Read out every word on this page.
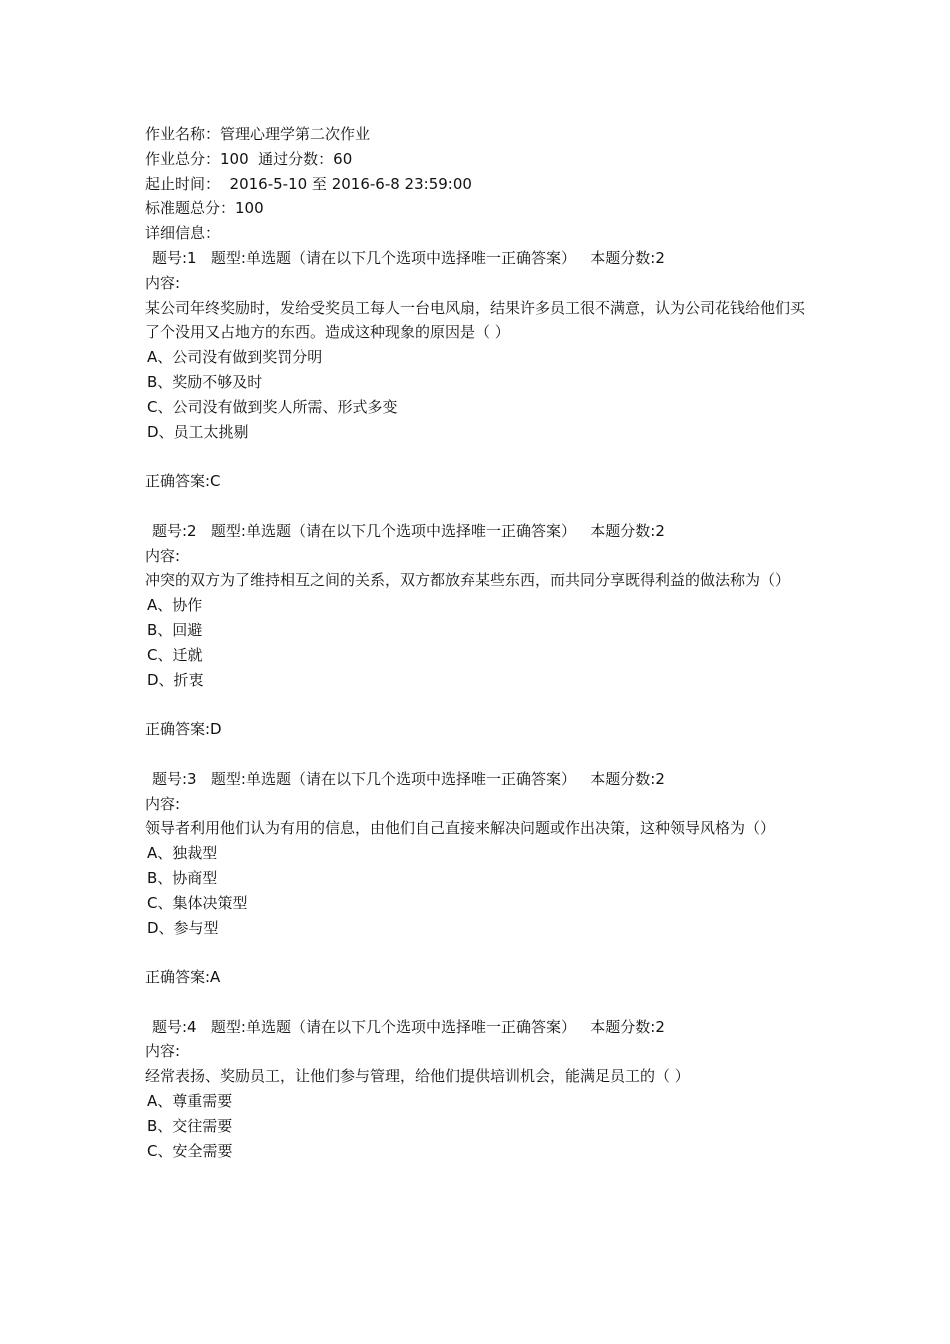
作业名称：管理心理学第二次作业

作业总分：100  通过分数：60

起止时间：  2016-5-10 至 2016-6-8 23:59:00

标准题总分：100

详细信息：

题号:1   题型:单选题（请在以下几个选项中选择唯一正确答案）   本题分数:2

内容:

某公司年终奖励时，发给受奖员工每人一台电风扇，结果许多员工很不满意，认为公司花钱给他们买了个没用又占地方的东西。造成这种现象的原因是（ ）

A、公司没有做到奖罚分明

B、奖励不够及时

C、公司没有做到奖人所需、形式多变

D、员工太挑剔

正确答案:C

题号:2   题型:单选题（请在以下几个选项中选择唯一正确答案）   本题分数:2

内容:

冲突的双方为了维持相互之间的关系，双方都放弃某些东西，而共同分享既得利益的做法称为（）

A、协作

B、回避

C、迁就

D、折衷

正确答案:D

题号:3   题型:单选题（请在以下几个选项中选择唯一正确答案）   本题分数:2

内容:

领导者利用他们认为有用的信息，由他们自己直接来解决问题或作出决策，这种领导风格为（）

A、独裁型

B、协商型

C、集体决策型

D、参与型

正确答案:A

题号:4   题型:单选题（请在以下几个选项中选择唯一正确答案）   本题分数:2

内容:

经常表扬、奖励员工，让他们参与管理，给他们提供培训机会，能满足员工的（ ）

A、尊重需要

B、交往需要

C、安全需要
